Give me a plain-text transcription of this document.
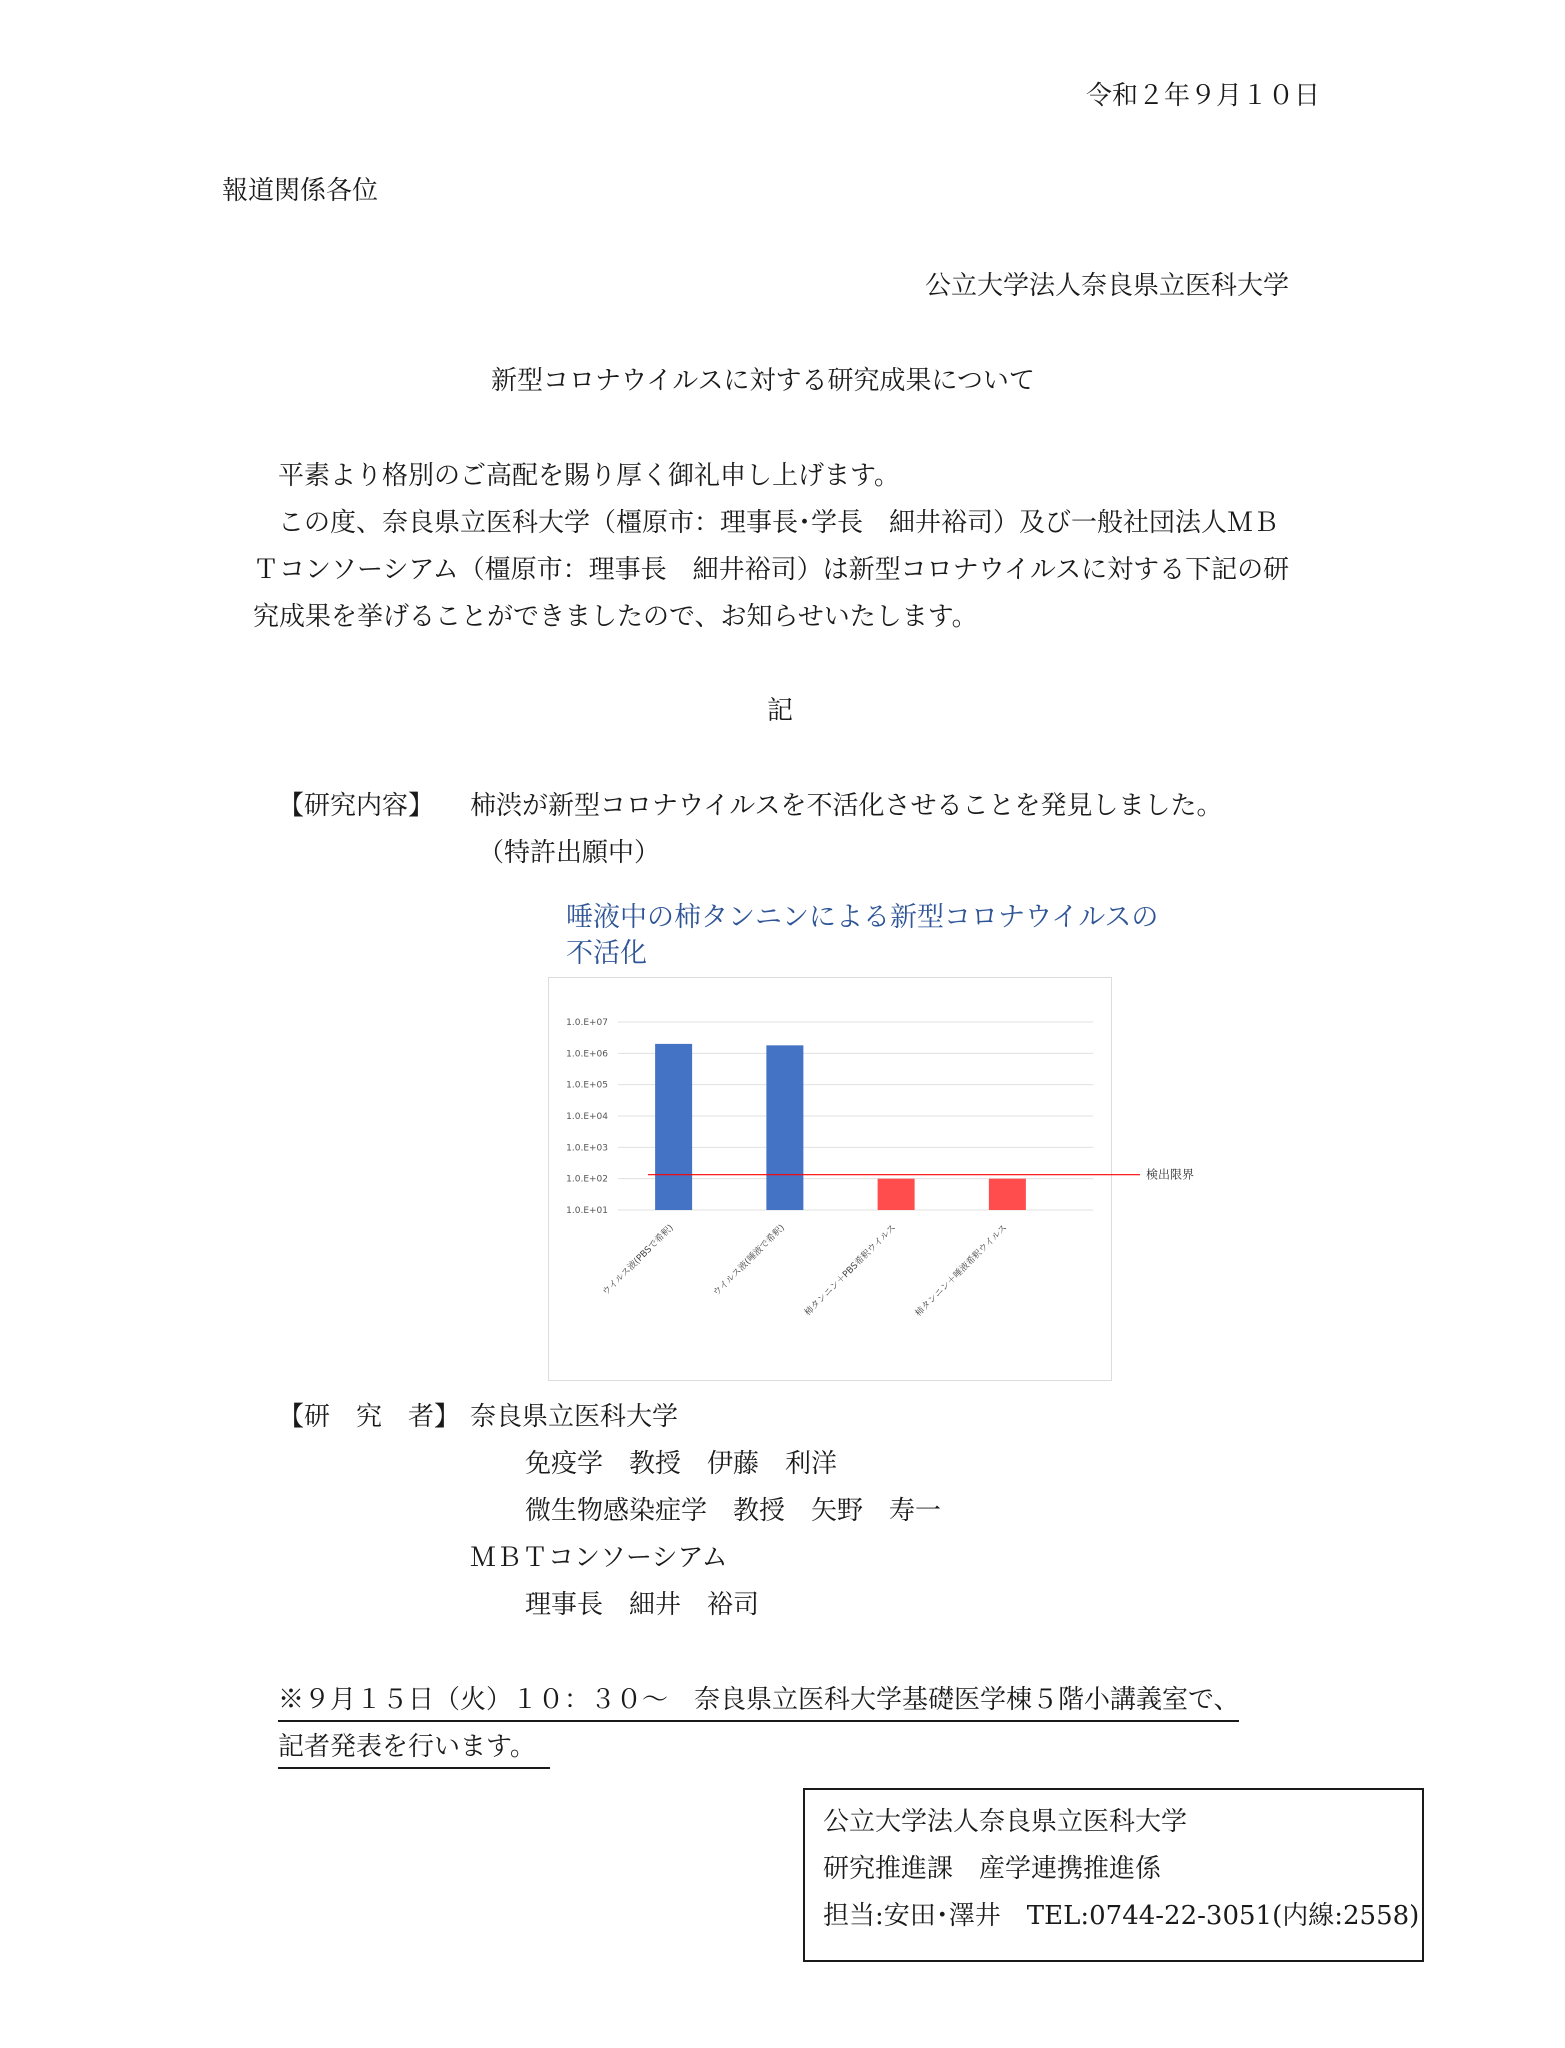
令和２年９月１０日
報道関係各位
公立大学法人奈良県立医科大学
新型コロナウイルスに対する研究成果について
平素より格別のご高配を賜り厚く御礼申し上げます。
この度、奈良県立医科大学（橿原市：理事長･学長　細井裕司）及び一般社団法人ＭＢ
Ｔコンソーシアム（橿原市：理事長　細井裕司）は新型コロナウイルスに対する下記の研
究成果を挙げることができましたので、お知らせいたします。
記
【研究内容】 柿渋が新型コロナウイルスを不活化させることを発見しました。
（特許出願中）
唾液中の柿タンニンによる新型コロナウイルスの不活化
1.0.E+07
1.0.E+06
1.0.E+05
1.0.E+04
1.0.E+03
1.0.E+02
1.0.E+01
ウイルス液(PBSで希釈)	ウイルス液(唾液で希釈) 柿タンニン＋PBS希釈ウイルス 柿タンニン＋唾液希釈ウイルス
検出限界
【研　究　者】 奈良県立医科大学
免疫学　教授　伊藤　利洋
微生物感染症学　教授　矢野　寿一
ＭＢＴコンソーシアム
理事長　細井　裕司
※９月１５日（火）１０：３０～　奈良県立医科大学基礎医学棟５階小講義室で、
記者発表を行います。
公立大学法人奈良県立医科大学
研究推進課　産学連携推進係
担当:安田･澤井　TEL:0744-22-3051(内線:2558)
